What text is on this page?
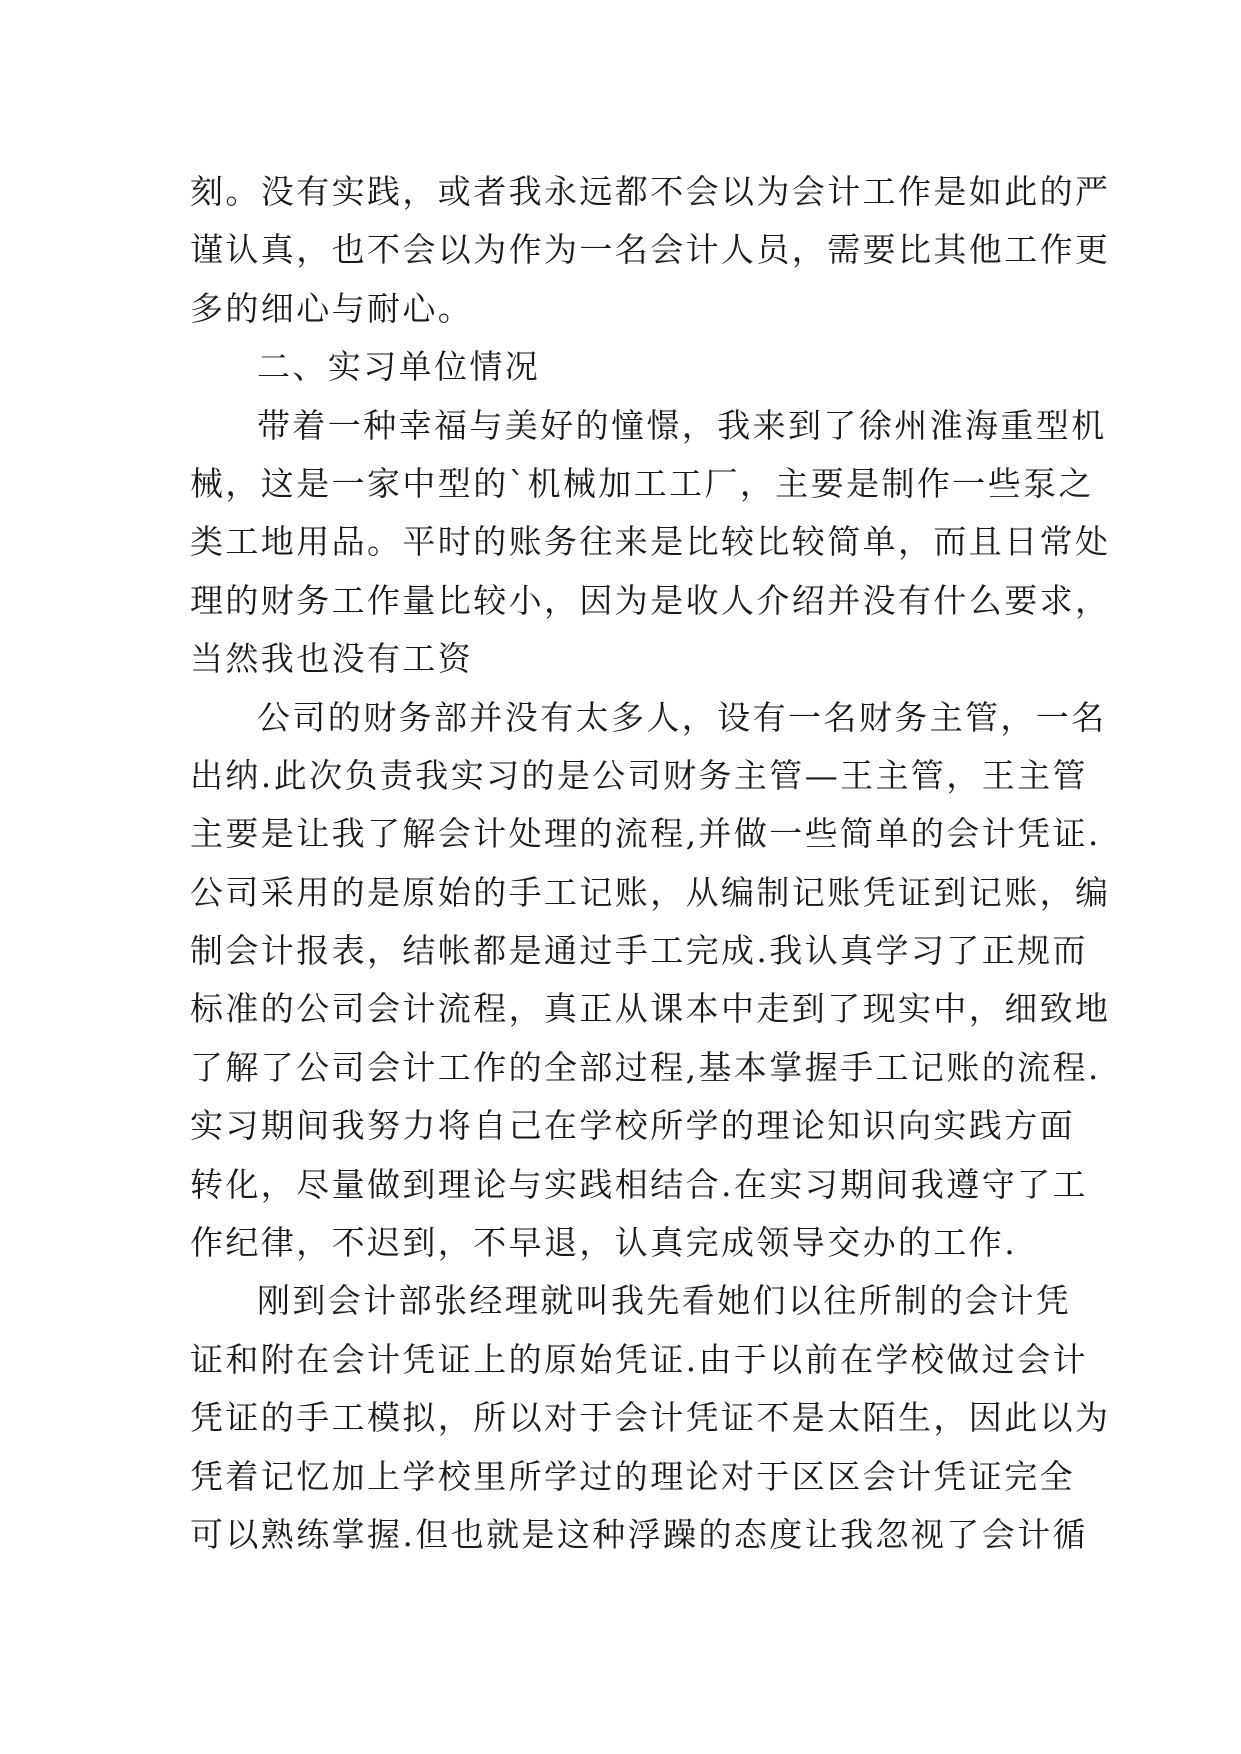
刻。没有实践，或者我永远都不会以为会计工作是如此的严
谨认真，也不会以为作为一名会计人员，需要比其他工作更
多的细心与耐心。
二、实习单位情况
带着一种幸福与美好的憧憬，我来到了徐州淮海重型机
械，这是一家中型的`机械加工工厂，主要是制作一些泵之
类工地用品。平时的账务往来是比较比较简单，而且日常处
理的财务工作量比较小，因为是收人介绍并没有什么要求，
当然我也没有工资
公司的财务部并没有太多人，设有一名财务主管，一名
出纳.此次负责我实习的是公司财务主管—王主管，王主管
主要是让我了解会计处理的流程,并做一些简单的会计凭证.
公司采用的是原始的手工记账，从编制记账凭证到记账，编
制会计报表，结帐都是通过手工完成.我认真学习了正规而
标准的公司会计流程，真正从课本中走到了现实中，细致地
了解了公司会计工作的全部过程,基本掌握手工记账的流程.
实习期间我努力将自己在学校所学的理论知识向实践方面
转化，尽量做到理论与实践相结合.在实习期间我遵守了工
作纪律，不迟到，不早退，认真完成领导交办的工作.
刚到会计部张经理就叫我先看她们以往所制的会计凭
证和附在会计凭证上的原始凭证.由于以前在学校做过会计
凭证的手工模拟，所以对于会计凭证不是太陌生，因此以为
凭着记忆加上学校里所学过的理论对于区区会计凭证完全
可以熟练掌握.但也就是这种浮躁的态度让我忽视了会计循
